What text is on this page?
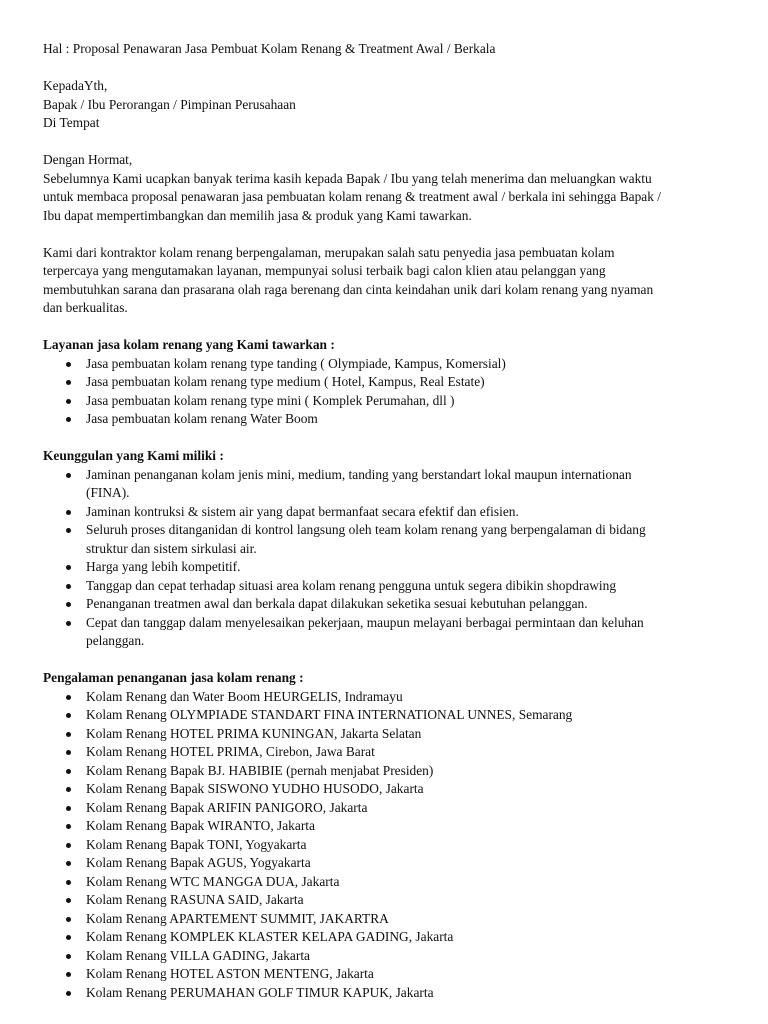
Hal : Proposal Penawaran Jasa Pembuat Kolam Renang & Treatment Awal / Berkala

KepadaYth,
Bapak / Ibu Perorangan / Pimpinan Perusahaan
Di Tempat

Dengan Hormat,

Sebelumnya Kami ucapkan banyak terima kasih kepada Bapak / Ibu yang telah menerima dan meluangkan waktu
untuk membaca proposal penawaran jasa pembuatan kolam renang & treatment awal / berkala ini sehingga Bapak /
Ibu dapat mempertimbangkan dan memilih jasa & produk yang Kami tawarkan.
Kami dari kontraktor kolam renang berpengalaman, merupakan salah satu penyedia jasa pembuatan kolam
terpercaya yang mengutamakan layanan, mempunyai solusi terbaik bagi calon klien atau pelanggan yang
membutuhkan sarana dan prasarana olah raga berenang dan cinta keindahan unik dari kolam renang yang nyaman
dan berkualitas.

Layanan jasa kolam renang yang Kami tawarkan :

Jasa pembuatan kolam renang type tanding ( Olympiade, Kampus, Komersial)
Jasa pembuatan kolam renang type medium ( Hotel, Kampus, Real Estate)
Jasa pembuatan kolam renang type mini ( Komplek Perumahan, dll )
Jasa pembuatan kolam renang Water Boom

Keunggulan yang Kami miliki :

Jaminan penanganan kolam jenis mini, medium, tanding yang berstandart lokal maupun internationan
(FINA).
Jaminan kontruksi & sistem air yang dapat bermanfaat secara efektif dan efisien.
Seluruh proses ditanganidan di kontrol langsung oleh team kolam renang yang berpengalaman di bidang
struktur dan sistem sirkulasi air.
Harga yang lebih kompetitif.
Tanggap dan cepat terhadap situasi area kolam renang pengguna untuk segera dibikin shopdrawing
Penanganan treatmen awal dan berkala dapat dilakukan seketika sesuai kebutuhan pelanggan.
Cepat dan tanggap dalam menyelesaikan pekerjaan, maupun melayani berbagai permintaan dan keluhan
pelanggan.

Pengalaman penanganan jasa kolam renang :

Kolam Renang dan Water Boom HEURGELIS, Indramayu
Kolam Renang OLYMPIADE STANDART FINA INTERNATIONAL UNNES, Semarang
Kolam Renang HOTEL PRIMA KUNINGAN, Jakarta Selatan
Kolam Renang HOTEL PRIMA, Cirebon, Jawa Barat
Kolam Renang Bapak BJ. HABIBIE (pernah menjabat Presiden)
Kolam Renang Bapak SISWONO YUDHO HUSODO, Jakarta
Kolam Renang Bapak ARIFIN PANIGORO, Jakarta
Kolam Renang Bapak WIRANTO, Jakarta
Kolam Renang Bapak TONI, Yogyakarta
Kolam Renang Bapak AGUS, Yogyakarta
Kolam Renang WTC MANGGA DUA, Jakarta
Kolam Renang RASUNA SAID, Jakarta
Kolam Renang APARTEMENT SUMMIT, JAKARTRA
Kolam Renang KOMPLEK KLASTER KELAPA GADING, Jakarta
Kolam Renang VILLA GADING, Jakarta
Kolam Renang HOTEL ASTON MENTENG, Jakarta
Kolam Renang PERUMAHAN GOLF TIMUR KAPUK, Jakarta
